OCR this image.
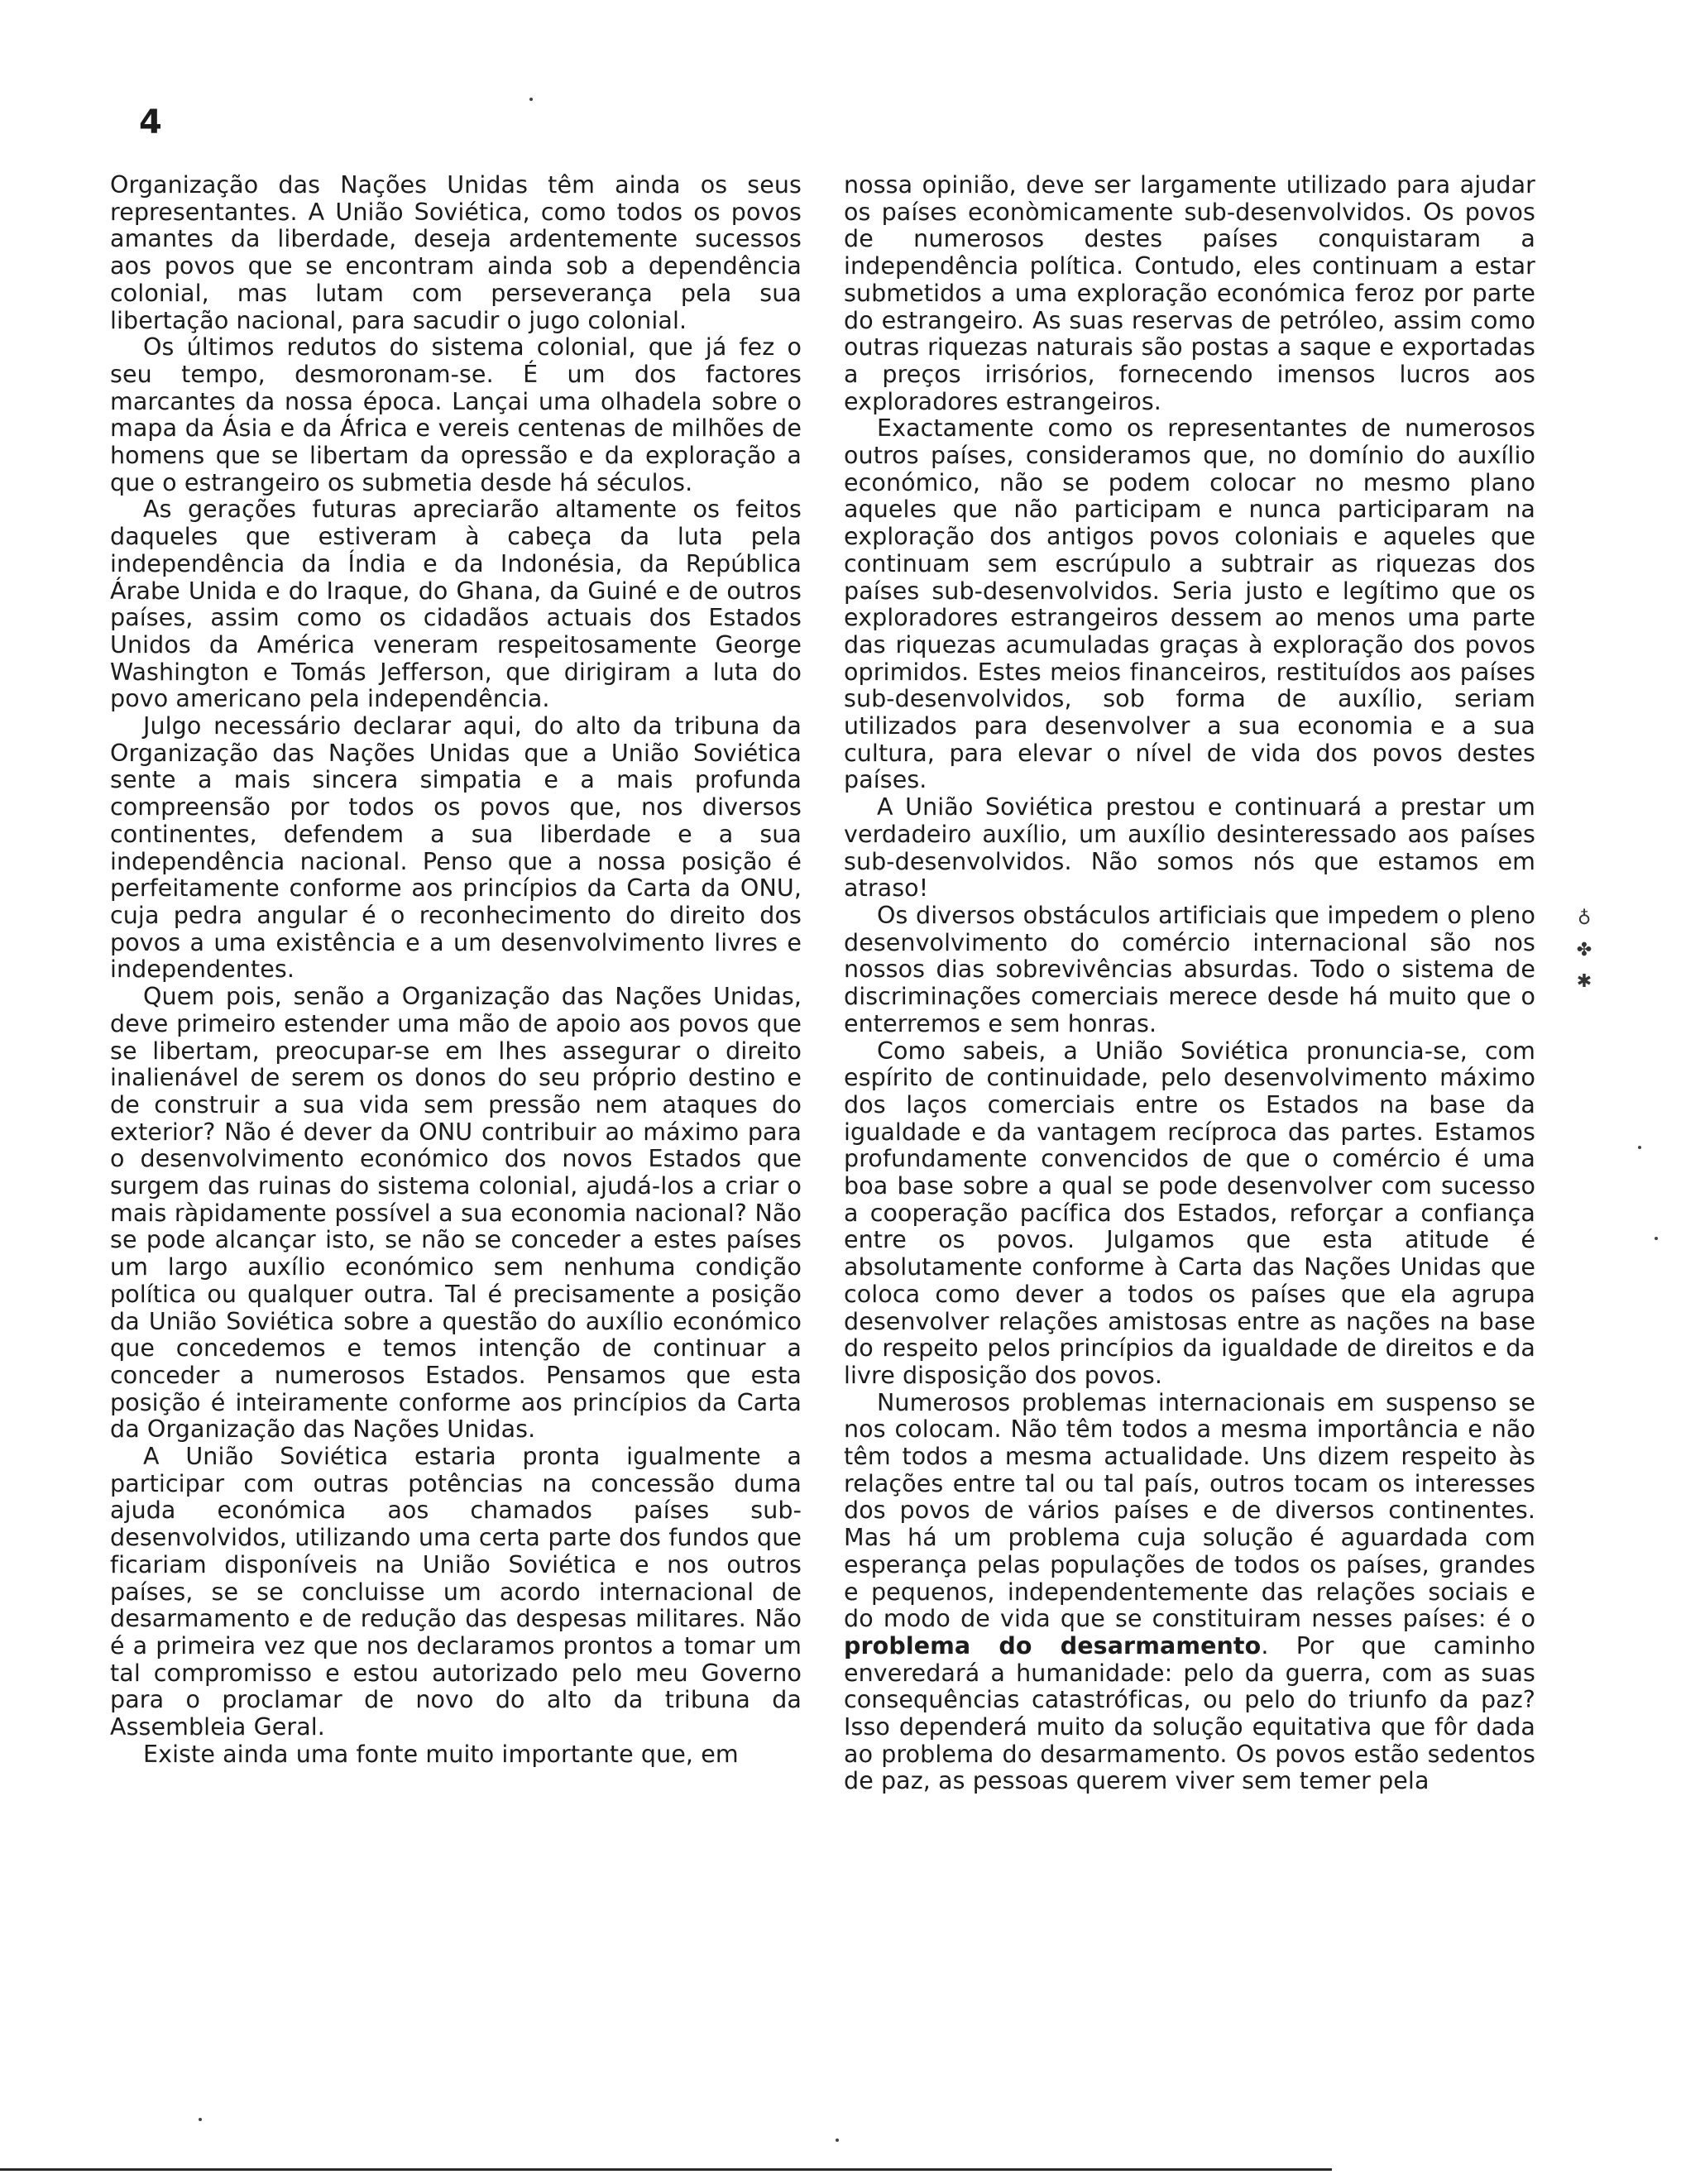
4

Organização das Nações Unidas têm ainda os seus representantes. A União Soviética, como todos os povos amantes da liberdade, deseja ardentemente sucessos aos povos que se encontram ainda sob a dependência colonial, mas lutam com perseverança pela sua libertação nacional, para sacudir o jugo colonial.

Os últimos redutos do sistema colonial, que já fez o seu tempo, desmoronam-se. É um dos factores marcantes da nossa época. Lançai uma olhadela sobre o mapa da Ásia e da África e vereis centenas de milhões de homens que se libertam da opressão e da exploração a que o estrangeiro os submetia desde há séculos.

As gerações futuras apreciarão altamente os feitos daqueles que estiveram à cabeça da luta pela independência da Índia e da Indonésia, da República Árabe Unida e do Iraque, do Ghana, da Guiné e de outros países, assim como os cidadãos actuais dos Estados Unidos da América veneram respeitosamente George Washington e Tomás Jefferson, que dirigiram a luta do povo americano pela independência.

Julgo necessário declarar aqui, do alto da tribuna da Organização das Nações Unidas que a União Soviética sente a mais sincera simpatia e a mais profunda compreensão por todos os povos que, nos diversos continentes, defendem a sua liberdade e a sua independência nacional. Penso que a nossa posição é perfeitamente conforme aos princípios da Carta da ONU, cuja pedra angular é o reconhecimento do direito dos povos a uma existência e a um desenvolvimento livres e independentes.

Quem pois, senão a Organização das Nações Unidas, deve primeiro estender uma mão de apoio aos povos que se libertam, preocupar-se em lhes assegurar o direito inalienável de serem os donos do seu próprio destino e de construir a sua vida sem pressão nem ataques do exterior? Não é dever da ONU contribuir ao máximo para o desenvolvimento económico dos novos Estados que surgem das ruinas do sistema colonial, ajudá-los a criar o mais ràpidamente possível a sua economia nacional? Não se pode alcançar isto, se não se conceder a estes países um largo auxílio económico sem nenhuma condição política ou qualquer outra. Tal é precisamente a posição da União Soviética sobre a questão do auxílio económico que concedemos e temos intenção de continuar a conceder a numerosos Estados. Pensamos que esta posição é inteiramente conforme aos princípios da Carta da Organização das Nações Unidas.

A União Soviética estaria pronta igualmente a participar com outras potências na concessão duma ajuda económica aos chamados países sub-desenvolvidos, utilizando uma certa parte dos fundos que ficariam disponíveis na União Soviética e nos outros países, se se concluisse um acordo internacional de desarmamento e de redução das despesas militares. Não é a primeira vez que nos declaramos prontos a tomar um tal compromisso e estou autorizado pelo meu Governo para o proclamar de novo do alto da tribuna da Assembleia Geral.

Existe ainda uma fonte muito importante que, em

nossa opinião, deve ser largamente utilizado para ajudar os países econòmicamente sub-desenvolvidos. Os povos de numerosos destes países conquistaram a independência política. Contudo, eles continuam a estar submetidos a uma exploração económica feroz por parte do estrangeiro. As suas reservas de petróleo, assim como outras riquezas naturais são postas a saque e exportadas a preços irrisórios, fornecendo imensos lucros aos exploradores estrangeiros.

Exactamente como os representantes de numerosos outros países, consideramos que, no domínio do auxílio económico, não se podem colocar no mesmo plano aqueles que não participam e nunca participaram na exploração dos antigos povos coloniais e aqueles que continuam sem escrúpulo a subtrair as riquezas dos países sub-desenvolvidos. Seria justo e legítimo que os exploradores estrangeiros dessem ao menos uma parte das riquezas acumuladas graças à exploração dos povos oprimidos. Estes meios financeiros, restituídos aos países sub-desenvolvidos, sob forma de auxílio, seriam utilizados para desenvolver a sua economia e a sua cultura, para elevar o nível de vida dos povos destes países.

A União Soviética prestou e continuará a prestar um verdadeiro auxílio, um auxílio desinteressado aos países sub-desenvolvidos. Não somos nós que estamos em atraso!

Os diversos obstáculos artificiais que impedem o pleno desenvolvimento do comércio internacional são nos nossos dias sobrevivências absurdas. Todo o sistema de discriminações comerciais merece desde há muito que o enterremos e sem honras.

Como sabeis, a União Soviética pronuncia-se, com espírito de continuidade, pelo desenvolvimento máximo dos laços comerciais entre os Estados na base da igualdade e da vantagem recíproca das partes. Estamos profundamente convencidos de que o comércio é uma boa base sobre a qual se pode desenvolver com sucesso a cooperação pacífica dos Estados, reforçar a confiança entre os povos. Julgamos que esta atitude é absolutamente conforme à Carta das Nações Unidas que coloca como dever a todos os países que ela agrupa desenvolver relações amistosas entre as nações na base do respeito pelos princípios da igualdade de direitos e da livre disposição dos povos.

Numerosos problemas internacionais em suspenso se nos colocam. Não têm todos a mesma importância e não têm todos a mesma actualidade. Uns dizem respeito às relações entre tal ou tal país, outros tocam os interesses dos povos de vários países e de diversos continentes. Mas há um problema cuja solução é aguardada com esperança pelas populações de todos os países, grandes e pequenos, independentemente das relações sociais e do modo de vida que se constituiram nesses países: é o problema do desarmamento. Por que caminho enveredará a humanidade: pelo da guerra, com as suas consequências catastróficas, ou pelo do triunfo da paz? Isso dependerá muito da solução equitativa que fôr dada ao problema do desarmamento. Os povos estão sedentos de paz, as pessoas querem viver sem temer pela

♁
✤
✱
